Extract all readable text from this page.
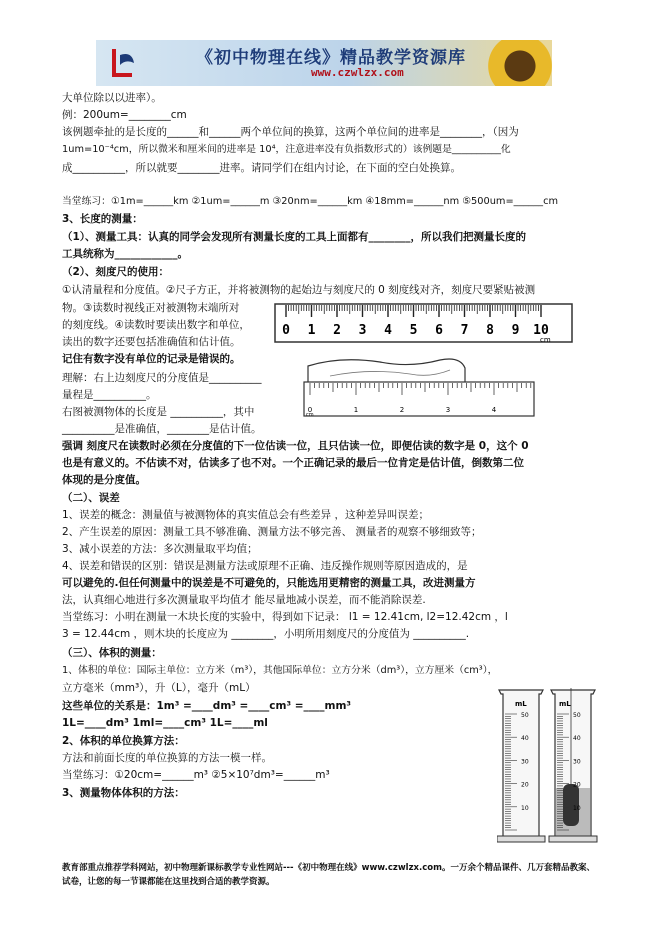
《初中物理在线》精品教学资源库
www.czwlzx.com
大单位除以以进率）。
例：200um=________cm
该例题牵扯的是长度的______和______两个单位间的换算，这两个单位间的进率是________，（因为
1um=10⁻⁴cm，所以微米和厘米间的进率是 10⁴，注意进率没有负指数形式的）该例题是__________化
成__________，所以就要________进率。请同学们在组内讨论，在下面的空白处换算。
当堂练习：①1m=______km ②1um=______m ③20nm=______km ④18mm=______nm ⑤500um=______cm
3、长度的测量：
（1）、测量工具：认真的同学会发现所有测量长度的工具上面都有________，所以我们把测量长度的
工具统称为____________。
（2）、刻度尺的使用：
①认清量程和分度值。②尺子方正，并将被测物的起始边与刻度尺的 0 刻度线对齐，刻度尺要紧贴被测
物。③读数时视线正对被测物末端所对
的刻度线。④读数时要读出数字和单位，
读出的数字还要包括准确值和估计值。
记住有数字没有单位的记录是错误的。
理解：右上边刻度尺的分度值是__________
量程是__________。
右图被测物体的长度是 __________，其中
__________是准确值，________是估计值。
强调 刻度尺在读数时必须在分度值的下一位估读一位，且只估读一位，即便估读的数字是 0，这个 0
也是有意义的。不估读不对，估读多了也不对。一个正确记录的最后一位肯定是估计值，倒数第二位
体现的是分度值。
（二）、误差
1、误差的概念：测量值与被测物体的真实值总会有些差异 ，这种差异叫误差；
2、产生误差的原因：测量工具不够准确、测量方法不够完善、 测量者的观察不够细致等；
3、减小误差的方法：多次测量取平均值；
4、误差和错误的区别：错误是测量方法或原理不正确、违反操作规则等原因造成的，是
可以避免的.但任何测量中的误差是不可避免的，只能选用更精密的测量工具，改进测量方
法，认真细心地进行多次测量取平均值才 能尽量地减小误差，而不能消除误差.
当堂练习：小明在测量一木块长度的实验中，得到如下记录： l1 = 12.41cm, l2=12.42cm ，l
3 = 12.44cm ，则木块的长度应为 ________，小明所用刻度尺的分度值为 __________.
（三）、体积的测量：
1、体积的单位：国际主单位：立方米（m³），其他国际单位：立方分米（dm³），立方厘米（cm³），
立方毫米（mm³），升（L），毫升（mL）
这些单位的关系是：1m³ =____dm³ =____cm³ =____mm³
1L=____dm³ 1ml=____cm³ 1L=____ml
2、体积的单位换算方法：
方法和前面长度的单位换算的方法一模一样。
当堂练习：①20cm=______m³ ②5×10⁷dm³=______m³
3、测量物体体积的方法：
0 1 2 3 4 5 6 7 8 9 10
cm
0	1	2	3	4
cm
mL
50
40
30
20
10
mL
50
40
30
20
10
教育部重点推荐学科网站，初中物理新课标教学专业性网站---《初中物理在线》www.czwlzx.com。一万余个精品课件、几万套精品教案、试卷，让您的每一节课都能在这里找到合适的教学资源。
